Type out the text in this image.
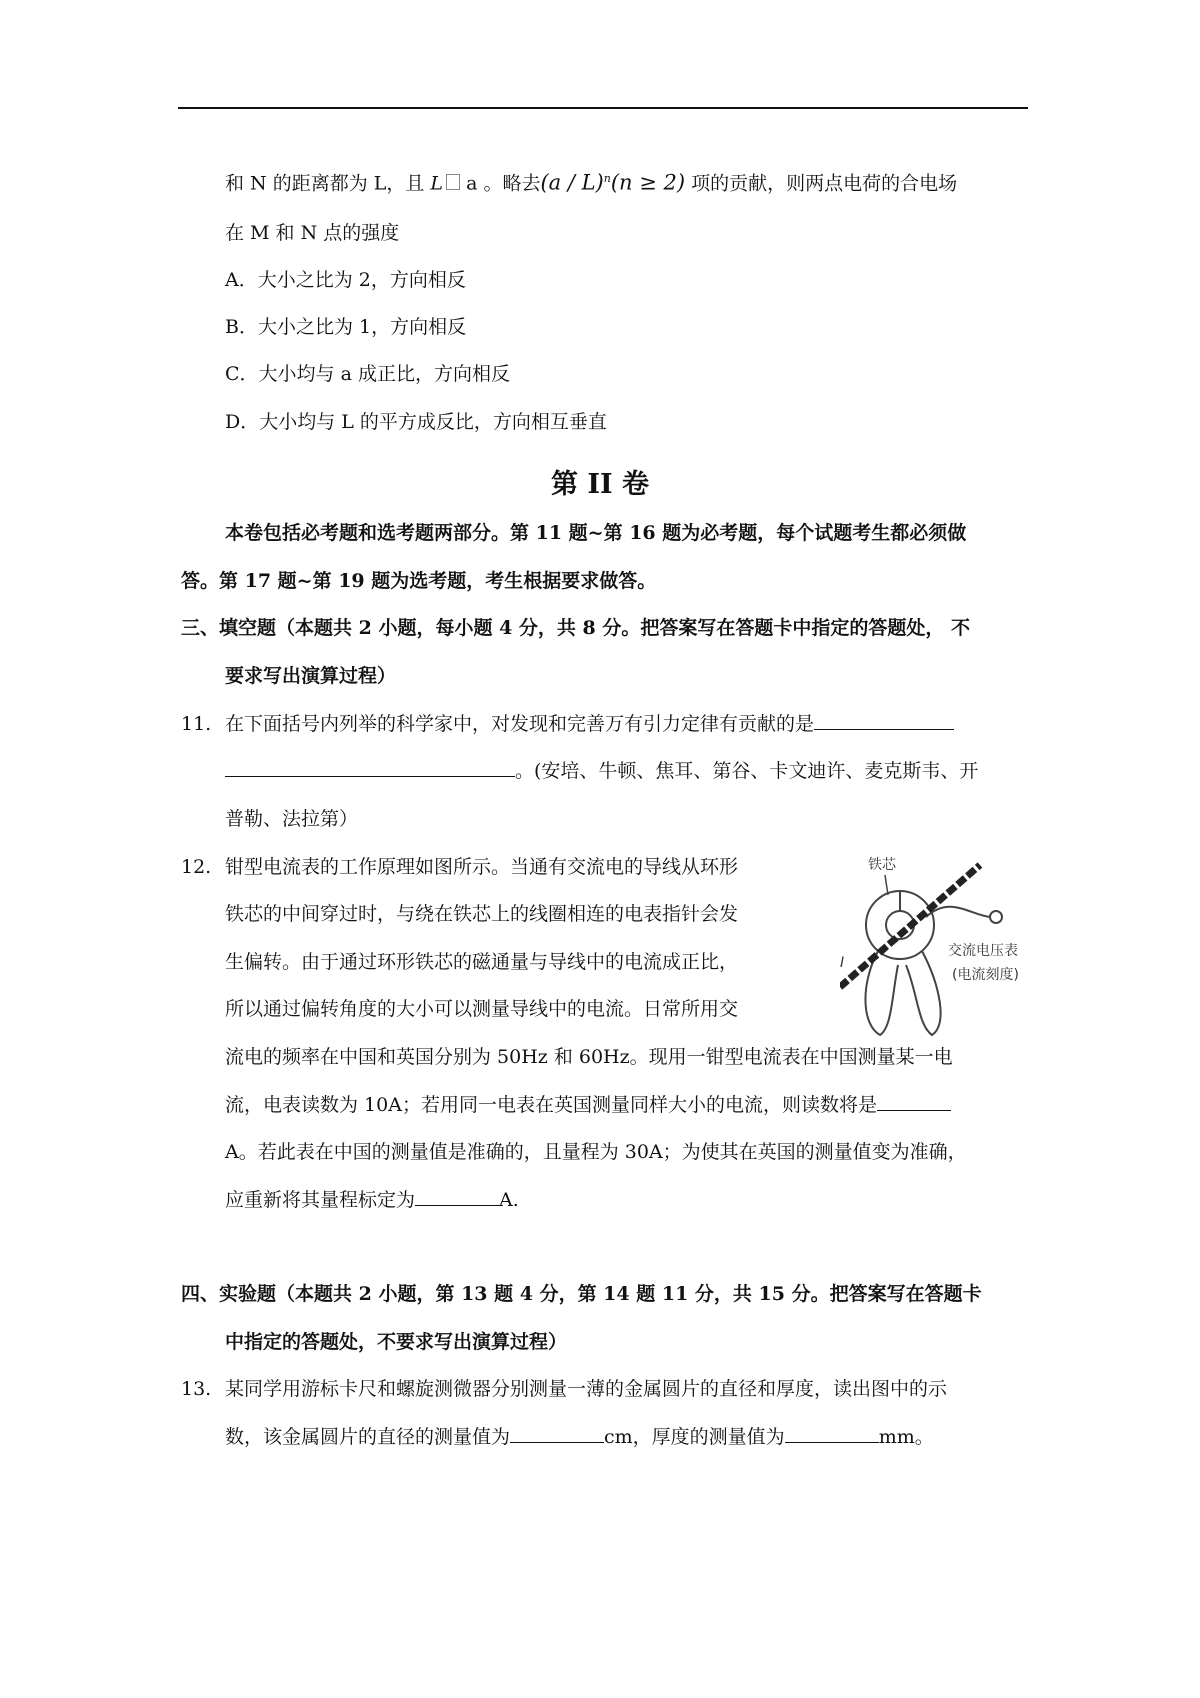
和 N 的距离都为 L，且 L a 。略去(a / L)$^n$(n ≥ 2) 项的贡献，则两点电荷的合电场
在 M 和 N 点的强度
A．大小之比为 2，方向相反
B．大小之比为 1，方向相反
C．大小均与 a 成正比，方向相反
D．大小均与 L 的平方成反比，方向相互垂直
第 II 卷
本卷包括必考题和选考题两部分。第 11 题~第 16 题为必考题，每个试题考生都必须做
答。第 17 题~第 19 题为选考题，考生根据要求做答。
三、填空题（本题共 2 小题，每小题 4 分，共 8 分。把答案写在答题卡中指定的答题处， 不
要求写出演算过程）
11. 在下面括号内列举的科学家中，对发现和完善万有引力定律有贡献的是
。(安培、牛顿、焦耳、第谷、卡文迪许、麦克斯韦、开
普勒、法拉第）
12. 钳型电流表的工作原理如图所示。当通有交流电的导线从环形
铁芯的中间穿过时，与绕在铁芯上的线圈相连的电表指针会发
生偏转。由于通过环形铁芯的磁通量与导线中的电流成正比，
所以通过偏转角度的大小可以测量导线中的电流。日常所用交
流电的频率在中国和英国分别为 50Hz 和 60Hz。现用一钳型电流表在中国测量某一电
流，电表读数为 10A；若用同一电表在英国测量同样大小的电流，则读数将是
A。若此表在中国的测量值是准确的，且量程为 30A；为使其在英国的测量值变为准确，
应重新将其量程标定为	A.
铁芯
I
交流电压表
(电流刻度)
四、实验题（本题共 2 小题，第 13 题 4 分，第 14 题 11 分，共 15 分。把答案写在答题卡
中指定的答题处，不要求写出演算过程）
13. 某同学用游标卡尺和螺旋测微器分别测量一薄的金属圆片的直径和厚度，读出图中的示
数，该金属圆片的直径的测量值为	cm，厚度的测量值为	mm。
